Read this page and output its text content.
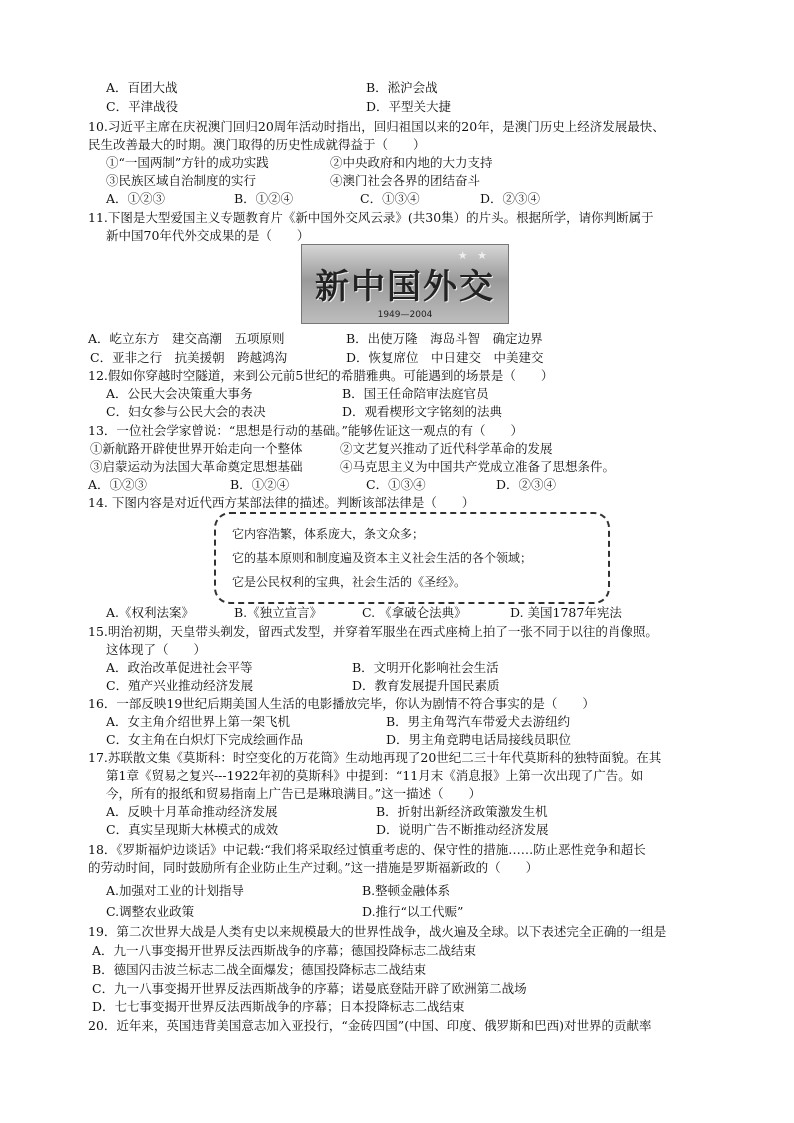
A．百团大战	B．淞沪会战
C．平津战役	D．平型关大捷
10.习近平主席在庆祝澳门回归20周年活动时指出，回归祖国以来的20年，是澳门历史上经济发展最快、
民生改善最大的时期。澳门取得的历史性成就得益于（　　）
①“一国两制”方针的成功实践	②中央政府和内地的大力支持
③民族区域自治制度的实行	④澳门社会各界的团结奋斗
A．①②③	B．①②④	C．①③④	D．②③④
11.下图是大型爱国主义专题教育片《新中国外交风云录》(共30集）的片头。根据所学，请你判断属于
新中国70年代外交成果的是（　　）
★ ★
新中国外交
1949—2004
A．屹立东方　建交高潮　五项原则	B．出使万隆　海岛斗智　确定边界
C．亚非之行　抗美援朝　跨越鸿沟	D．恢复席位　中日建交　中美建交
12.假如你穿越时空隧道，来到公元前5世纪的希腊雅典。可能遇到的场景是（　　）
A．公民大会决策重大事务	B．国王任命陪审法庭官员
C．妇女参与公民大会的表决	D．观看楔形文字铭刻的法典
13．一位社会学家曾说：“思想是行动的基础。”能够佐证这一观点的有（　　）
①新航路开辟使世界开始走向一个整体	②文艺复兴推动了近代科学革命的发展
③启蒙运动为法国大革命奠定思想基础	④马克思主义为中国共产党成立准备了思想条件。
A．①②③	B．①②④	C．①③④	D．②③④
14. 下图内容是对近代西方某部法律的描述。判断该部法律是（　　）
它内容浩繁，体系庞大，条文众多；
它的基本原则和制度遍及资本主义社会生活的各个领域；
它是公民权利的宝典，社会生活的《圣经》。
A.《权利法案》	B.《独立宣言》	C. 《拿破仑法典》	D. 美国1787年宪法
15.明治初期，天皇带头剃发，留西式发型，并穿着军服坐在西式座椅上拍了一张不同于以往的肖像照。
这体现了（　　）
A．政治改革促进社会平等	B．文明开化影响社会生活
C．殖产兴业推动经济发展	D．教育发展提升国民素质
16．一部反映19世纪后期美国人生活的电影播放完毕，你认为剧情不符合事实的是（　　）
A．女主角介绍世界上第一架飞机	B．男主角驾汽车带爱犬去游纽约
C．女主角在白炽灯下完成绘画作品	D．男主角竞聘电话局接线员职位
17.苏联散文集《莫斯科：时空变化的万花筒》生动地再现了20世纪二三十年代莫斯科的独特面貌。在其
第1章《贸易之复兴---1922年初的莫斯科》中提到：“11月末《消息报》上第一次出现了广告。如
今，所有的报纸和贸易指南上广告已是琳琅满目。”这一描述（　　）
A．反映十月革命推动经济发展	B．折射出新经济政策激发生机
C．真实呈现斯大林模式的成效	D．说明广告不断推动经济发展
18．《罗斯福炉边谈话》中记载:“我们将采取经过慎重考虑的、保守性的措施……防止恶性竞争和超长
的劳动时间，同时鼓励所有企业防止生产过剩。”这一措施是罗斯福新政的（　　）
A.加强对工业的计划指导	B.整顿金融体系
C.调整农业政策	D.推行“以工代赈”
19．第二次世界大战是人类有史以来规模最大的世界性战争，战火遍及全球。以下表述完全正确的一组是
A．九一八事变揭开世界反法西斯战争的序幕；德国投降标志二战结束
B．德国闪击波兰标志二战全面爆发；德国投降标志二战结束
C．九一八事变揭开世界反法西斯战争的序幕；诺曼底登陆开辟了欧洲第二战场
D．七七事变揭开世界反法西斯战争的序幕；日本投降标志二战结束
20．近年来，英国违背美国意志加入亚投行，“金砖四国”(中国、印度、俄罗斯和巴西)对世界的贡献率
